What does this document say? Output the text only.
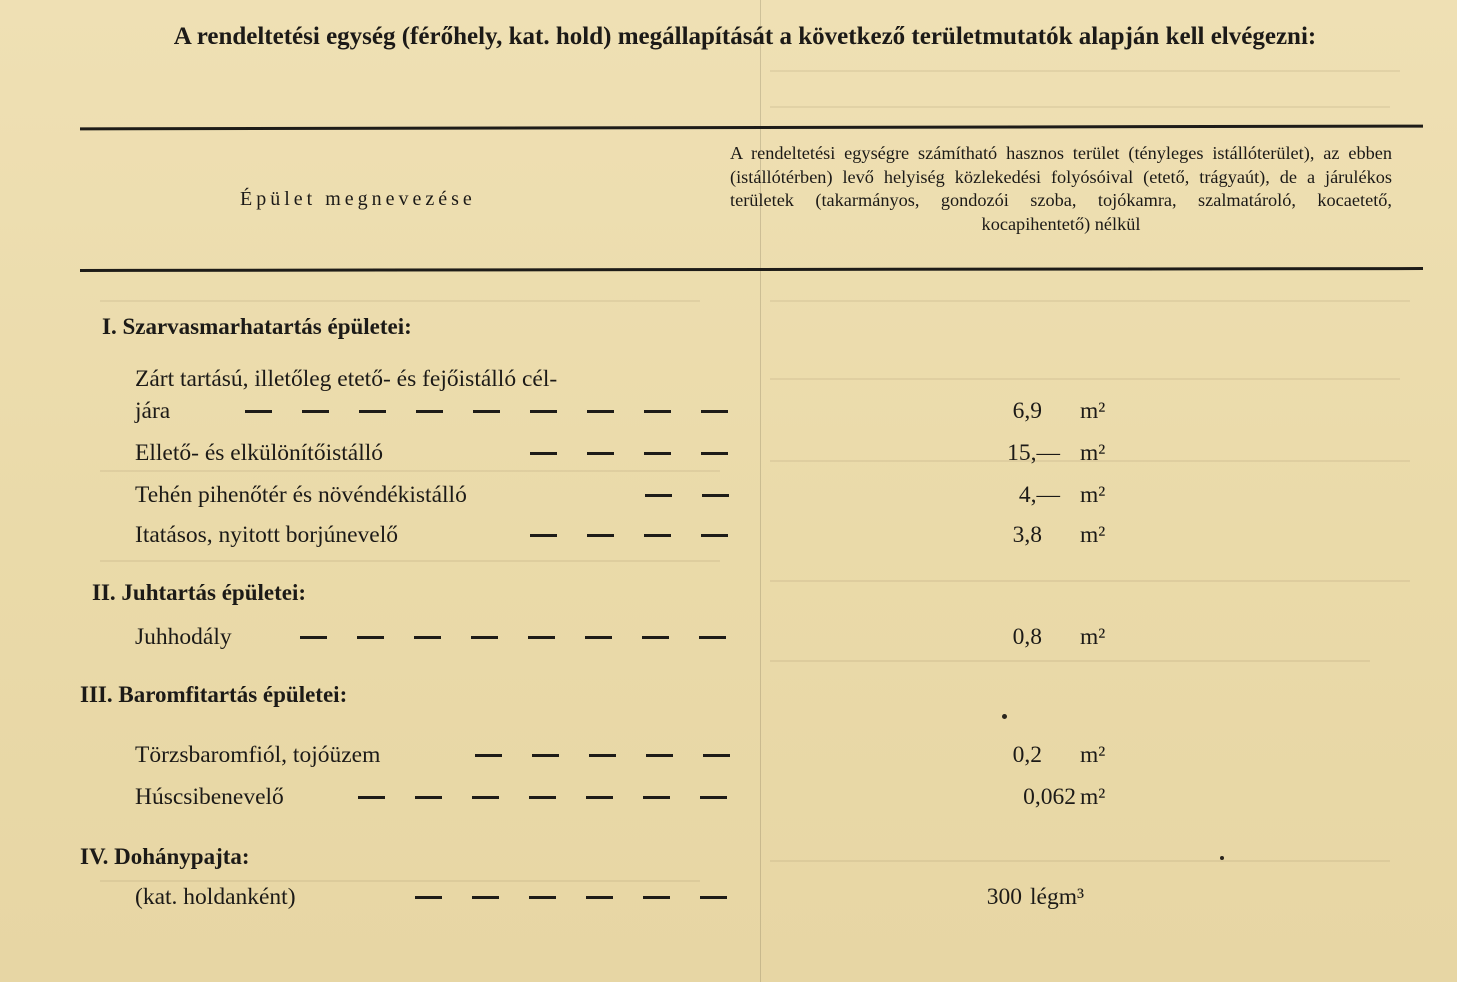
A rendeltetési egység (férőhely, kat. hold) megállapítását a következő területmutatók alapján kell elvégezni:
Épület megnevezése
A rendeltetési egységre számítható hasznos terület (tényleges istállóterület), az ebben (istállótérben) levő helyiség közlekedési folyósóival (etető, trágyaút), de a járulékos területek (takarmányos, gondozói szoba, tojókamra, szalmatároló, kocaetető, kocapihentető) nélkül
I. Szarvasmarhatartás épületei:
Zárt tartású, illetőleg etető- és fejőistálló cél-
jára	6,9 m²
Ellető- és elkülönítőistálló	15,— m²
Tehén pihenőtér és növéndékistálló	4,— m²
Itatásos, nyitott borjúnevelő	3,8 m²
II. Juhtartás épületei:
Juhhodály	0,8 m²
III. Baromfitartás épületei:
Törzsbaromfiól, tojóüzem	0,2 m²
Húscsibenevelő	0,062 m²
IV. Dohánypajta:
(kat. holdanként)	300 légm³
